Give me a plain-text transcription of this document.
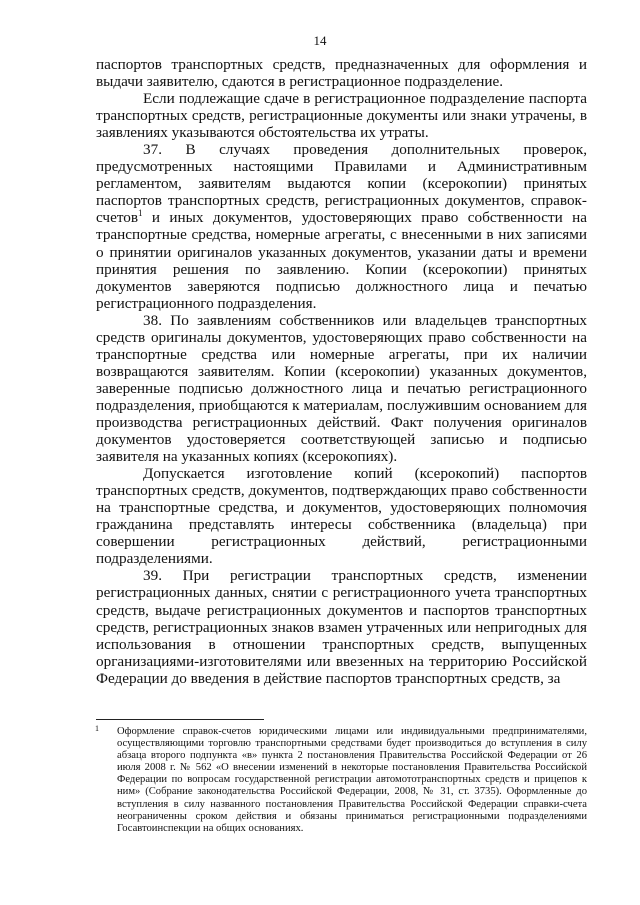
14

паспортов транспортных средств, предназначенных для оформления и выдачи заявителю, сдаются в регистрационное подразделение.

Если подлежащие сдаче в регистрационное подразделение паспорта транспортных средств, регистрационные документы или знаки утрачены, в заявлениях указываются обстоятельства их утраты.

37. В случаях проведения дополнительных проверок, предусмотренных настоящими Правилами и Административным регламентом, заявителям выдаются копии (ксерокопии) принятых паспортов транспортных средств, регистрационных документов, справок-счетов$^1$ и иных документов, удостоверяющих право собственности на транспортные средства, номерные агрегаты, с внесенными в них записями о принятии оригиналов указанных документов, указании даты и времени принятия решения по заявлению. Копии (ксерокопии) принятых документов заверяются подписью должностного лица и печатью регистрационного подразделения.

38. По заявлениям собственников или владельцев транспортных средств оригиналы документов, удостоверяющих право собственности на транспортные средства или номерные агрегаты, при их наличии возвращаются заявителям. Копии (ксерокопии) указанных документов, заверенные подписью должностного лица и печатью регистрационного подразделения, приобщаются к материалам, послужившим основанием для производства регистрационных действий. Факт получения оригиналов документов удостоверяется соответствующей записью и подписью заявителя на указанных копиях (ксерокопиях).

Допускается изготовление копий (ксерокопий) паспортов транспортных средств, документов, подтверждающих право собственности на транспортные средства, и документов, удостоверяющих полномочия гражданина представлять интересы собственника (владельца) при совершении регистрационных действий, регистрационными подразделениями.

39. При регистрации транспортных средств, изменении регистрационных данных, снятии с регистрационного учета транспортных средств, выдаче регистрационных документов и паспортов транспортных средств, регистрационных знаков взамен утраченных или непригодных для использования в отношении транспортных средств, выпущенных организациями-изготовителями или ввезенных на территорию Российской Федерации до введения в действие паспортов транспортных средств, за

1	Оформление справок-счетов юридическими лицами или индивидуальными предпринимателями, осуществляющими торговлю транспортными средствами будет производиться до вступления в силу абзаца второго подпункта «в» пункта 2 постановления Правительства Российской Федерации от 26 июля 2008 г. № 562 «О внесении изменений в некоторые постановления Правительства Российской Федерации по вопросам государственной регистрации автомототранспортных средств и прицепов к ним» (Собрание законодательства Российской Федерации, 2008, № 31, ст. 3735). Оформленные до вступления в силу названного постановления Правительства Российской Федерации справки-счета неограниченны сроком действия и обязаны приниматься регистрационными подразделениями Госавтоинспекции на общих основаниях.
